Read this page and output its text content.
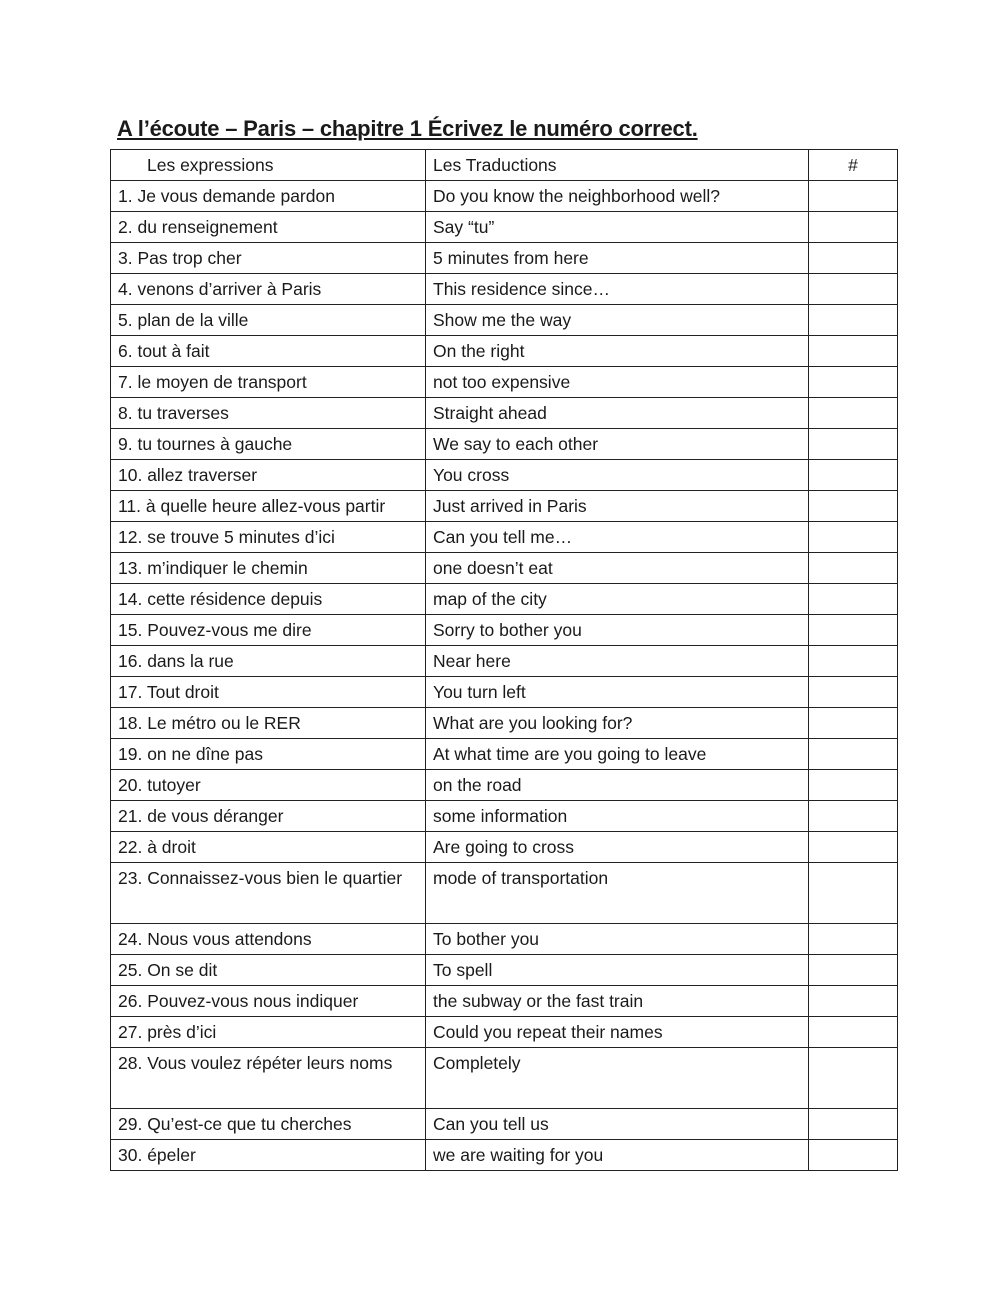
A l’écoute – Paris – chapitre 1 Écrivez le numéro correct.
Les expressions	Les Traductions	#
1. Je vous demande pardon	Do you know the neighborhood well?	
2. du renseignement	Say “tu”	
3. Pas trop cher	5 minutes from here	
4. venons d’arriver à Paris	This residence since…	
5. plan de la ville	Show me the way	
6. tout à fait	On the right	
7. le moyen de transport	not too expensive	
8. tu traverses	Straight ahead	
9. tu tournes à gauche	We say to each other	
10. allez traverser	You cross	
11. à quelle heure allez-vous partir	Just arrived in Paris	
12. se trouve 5 minutes d’ici	Can you tell me…	
13. m’indiquer le chemin	one doesn’t eat	
14. cette résidence depuis	map of the city	
15. Pouvez-vous me dire	Sorry to bother you	
16. dans la rue	Near here	
17. Tout droit	You turn left	
18. Le métro ou le RER	What are you looking for?	
19. on ne dîne pas	At what time are you going to leave	
20. tutoyer	on the road	
21. de vous déranger	some information	
22. à droit	Are going to cross	
23. Connaissez-vous bien le quartier	mode of transportation	
24. Nous vous attendons	To bother you	
25. On se dit	To spell	
26. Pouvez-vous nous indiquer	the subway or the fast train	
27. près d’ici	Could you repeat their names	
28. Vous voulez répéter leurs noms	Completely	
29. Qu’est-ce que tu cherches	Can you tell us	
30. épeler	we are waiting for you	
